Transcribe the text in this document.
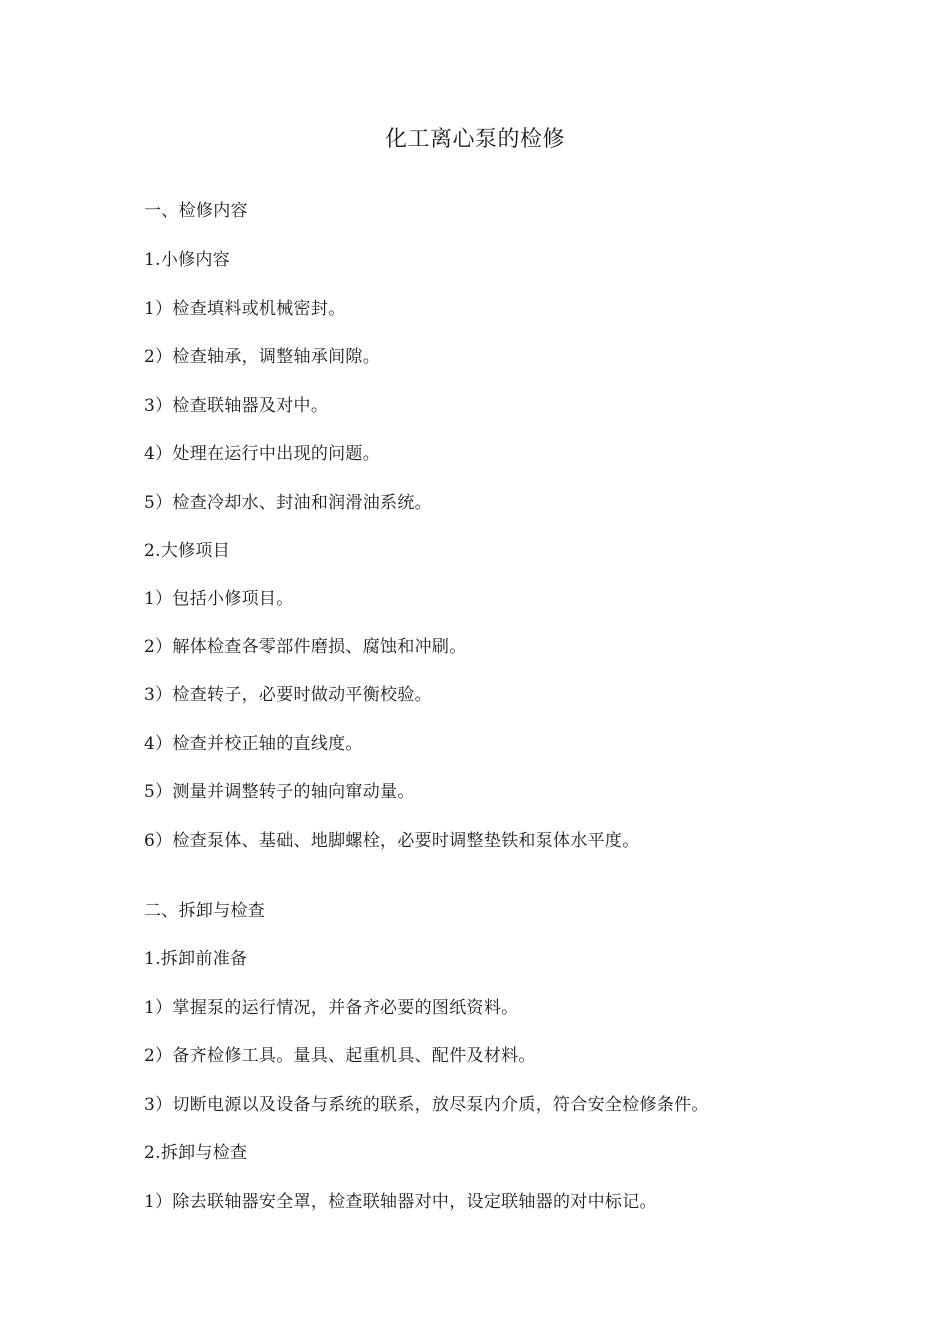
化工离心泵的检修
一、检修内容
1.小修内容
1）检查填料或机械密封。
2）检查轴承，调整轴承间隙。
3）检查联轴器及对中。
4）处理在运行中出现的问题。
5）检查冷却水、封油和润滑油系统。
2.大修项目
1）包括小修项目。
2）解体检查各零部件磨损、腐蚀和冲刷。
3）检查转子，必要时做动平衡校验。
4）检查并校正轴的直线度。
5）测量并调整转子的轴向窜动量。
6）检查泵体、基础、地脚螺栓，必要时调整垫铁和泵体水平度。
二、拆卸与检查
1.拆卸前准备
1）掌握泵的运行情况，并备齐必要的图纸资料。
2）备齐检修工具。量具、起重机具、配件及材料。
3）切断电源以及设备与系统的联系，放尽泵内介质，符合安全检修条件。
2.拆卸与检查
1）除去联轴器安全罩，检查联轴器对中，设定联轴器的对中标记。
